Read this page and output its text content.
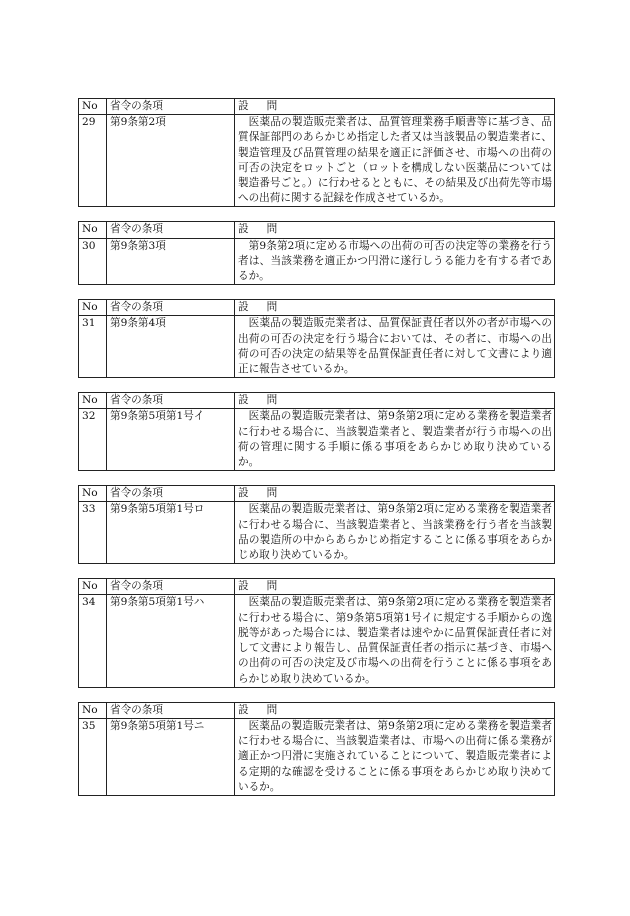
No	省令の条項	設　問
29	第9条第2項	医薬品の製造販売業者は、品質管理業務手順書等に基づき、品質保証部門のあらかじめ指定した者又は当該製品の製造業者に、製造管理及び品質管理の結果を適正に評価させ、市場への出荷の可否の決定をロットごと（ロットを構成しない医薬品については製造番号ごと。）に行わせるとともに、その結果及び出荷先等市場への出荷に関する記録を作成させているか。
No	省令の条項	設　問
30	第9条第3項	第9条第2項に定める市場への出荷の可否の決定等の業務を行う者は、当該業務を適正かつ円滑に遂行しうる能力を有する者であるか。
No	省令の条項	設　問
31	第9条第4項	医薬品の製造販売業者は、品質保証責任者以外の者が市場への出荷の可否の決定を行う場合においては、その者に、市場への出荷の可否の決定の結果等を品質保証責任者に対して文書により適正に報告させているか。
No	省令の条項	設　問
32	第9条第5項第1号イ	医薬品の製造販売業者は、第9条第2項に定める業務を製造業者に行わせる場合に、当該製造業者と、製造業者が行う市場への出荷の管理に関する手順に係る事項をあらかじめ取り決めているか。
No	省令の条項	設　問
33	第9条第5項第1号ロ	医薬品の製造販売業者は、第9条第2項に定める業務を製造業者に行わせる場合に、当該製造業者と、当該業務を行う者を当該製品の製造所の中からあらかじめ指定することに係る事項をあらかじめ取り決めているか。
No	省令の条項	設　問
34	第9条第5項第1号ハ	医薬品の製造販売業者は、第9条第2項に定める業務を製造業者に行わせる場合に、第9条第5項第1号イに規定する手順からの逸脱等があった場合には、製造業者は速やかに品質保証責任者に対して文書により報告し、品質保証責任者の指示に基づき、市場への出荷の可否の決定及び市場への出荷を行うことに係る事項をあらかじめ取り決めているか。
No	省令の条項	設　問
35	第9条第5項第1号ニ	医薬品の製造販売業者は、第9条第2項に定める業務を製造業者に行わせる場合に、当該製造業者は、市場への出荷に係る業務が適正かつ円滑に実施されていることについて、製造販売業者による定期的な確認を受けることに係る事項をあらかじめ取り決めているか。
